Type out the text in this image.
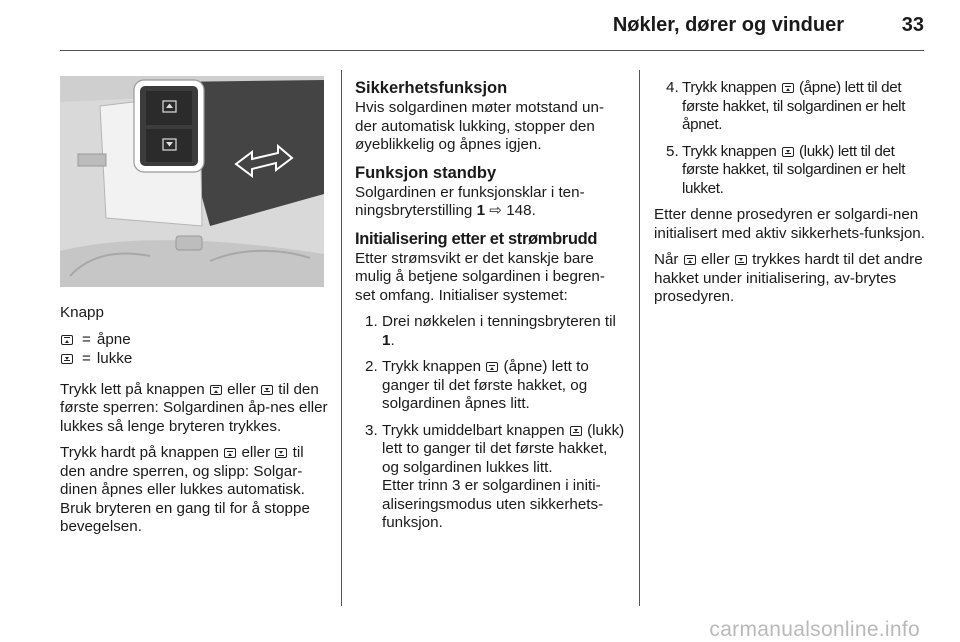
Nøkler, dører og vinduer	33

Knapp

	=	åpne
	=	lukke

Trykk lett på knappen eller til den første sperren: Solgardinen åp-nes eller lukkes så lenge bryteren trykkes.

Trykk hardt på knappen eller til den andre sperren, og slipp: Solgar-dinen åpnes eller lukkes automatisk. Bruk bryteren en gang til for å stoppe bevegelsen.

Sikkerhetsfunksjon

Hvis solgardinen møter motstand un-der automatisk lukking, stopper den øyeblikkelig og åpnes igjen.

Funksjon standby

Solgardinen er funksjonsklar i ten-ningsbryterstilling 1 ⇨ 148.

Initialisering etter et strømbrudd

Etter strømsvikt er det kanskje bare mulig å betjene solgardinen i begren-set omfang. Initialiser systemet:

1. Drei nøkkelen i tenningsbryteren til 1.
2. Trykk knappen (åpne) lett to ganger til det første hakket, og solgardinen åpnes litt.
3. Trykk umiddelbart knappen (lukk) lett to ganger til det første hakket, og solgardinen lukkes litt.

Etter trinn 3 er solgardinen i initi-aliseringsmodus uten sikkerhets-funksjon.

4. Trykk knappen (åpne) lett til det første hakket, til solgardinen er helt åpnet.
5. Trykk knappen (lukk) lett til det første hakket, til solgardinen er helt lukket.

Etter denne prosedyren er solgardi-nen initialisert med aktiv sikkerhets-funksjon.

Når eller trykkes hardt til det andre hakket under initialisering, av-brytes prosedyren.

carmanualsonline.info
